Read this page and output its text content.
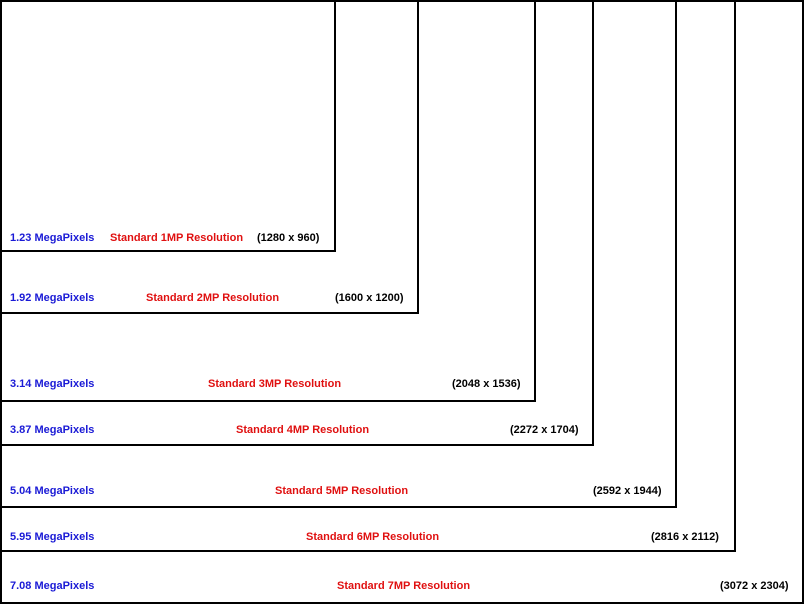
1.23 MegaPixels Standard 1MP Resolution (1280 x 960)
1.92 MegaPixels	Standard 2MP Resolution	(1600 x 1200)
3.14 MegaPixels	Standard 3MP Resolution	(2048 x 1536)
3.87 MegaPixels	Standard 4MP Resolution	(2272 x 1704)
5.04 MegaPixels	Standard 5MP Resolution	(2592 x 1944)
5.95 MegaPixels	Standard 6MP Resolution	(2816 x 2112)
7.08 MegaPixels	Standard 7MP Resolution	(3072 x 2304)
